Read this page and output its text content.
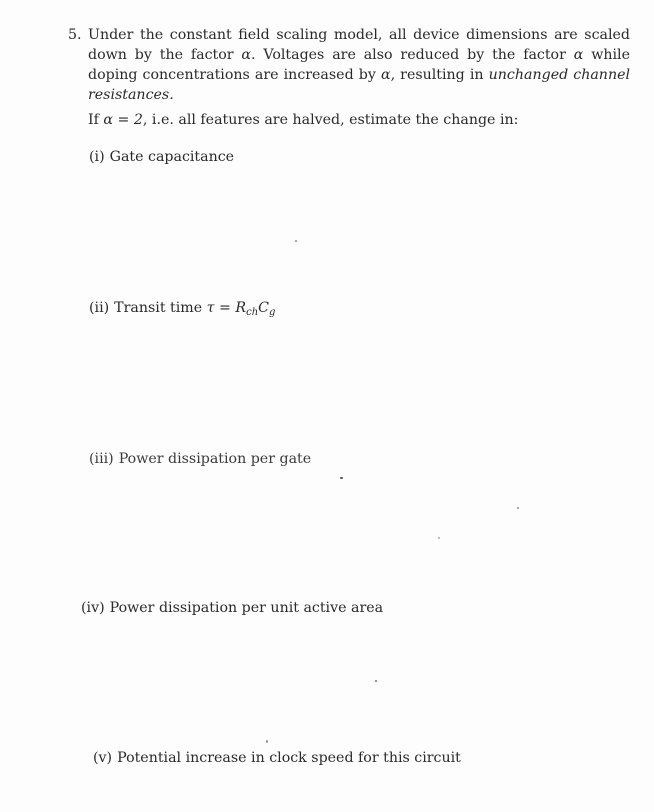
5. Under the constant field scaling model, all device dimensions are scaled down by the factor α. Voltages are also reduced by the factor α while doping concentrations are increased by α, resulting in unchanged channel resistances.

If α = 2, i.e. all features are halved, estimate the change in:

(i) Gate capacitance
(ii) Transit time $\tau = R_{ch}C_g$
(iii) Power dissipation per gate
(iv) Power dissipation per unit active area
(v) Potential increase in clock speed for this circuit
